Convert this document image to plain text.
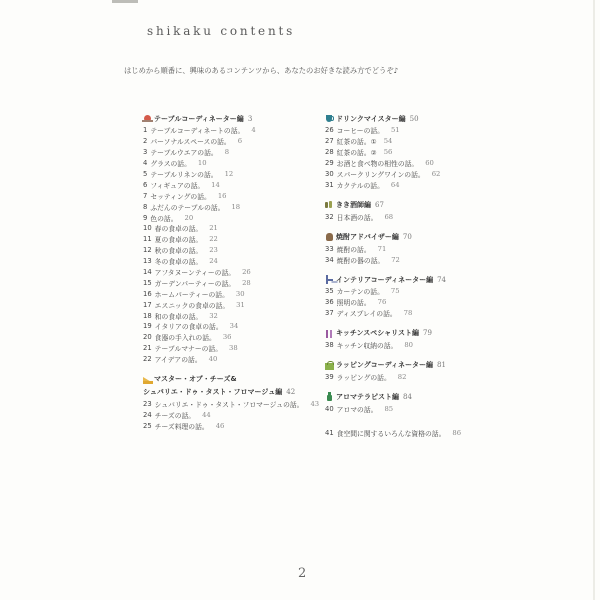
shikaku contents
はじめから順番に、興味のあるコンテンツから、あなたのお好きな読み方でどうぞ♪
テーブルコーディネーター編 3
1 テーブルコーディネートの話。 4
2 パーソナルスペースの話。 6
3 テーブルウエアの話。 8
4 グラスの話。 10
5 テーブルリネンの話。 12
6 フィギュアの話。 14
7 セッティングの話。 16
8 ふだんのテーブルの話。 18
9 色の話。 20
10 春の食卓の話。 21
11 夏の食卓の話。 22
12 秋の食卓の話。 23
13 冬の食卓の話。 24
14 アフタヌーンティーの話。 26
15 ガーデンパーティーの話。 28
16 ホームパーティーの話。 30
17 エスニックの食卓の話。 31
18 和の食卓の話。 32
19 イタリアの食卓の話。 34
20 食器の手入れの話。 36
21 テーブルマナーの話。 38
22 アイデアの話。 40
マスター・オブ・チーズ&
シュバリエ・ドゥ・タスト・フロマージュ編 42
23 シュバリエ・ドゥ・タスト・フロマージュの話。 43
24 チーズの話。 44
25 チーズ料理の話。 46
ドリンクマイスター編 50
26 コーヒーの話。 51
27 紅茶の話。① 54
28 紅茶の話。② 56
29 お酒と食べ物の相性の話。 60
30 スパークリングワインの話。 62
31 カクテルの話。 64
きき酒師編 67
32 日本酒の話。 68
焼酎アドバイザー編 70
33 焼酎の話。 71
34 焼酎の器の話。 72
インテリアコーディネーター編 74
35 カーテンの話。 75
36 照明の話。 76
37 ディスプレイの話。 78
キッチンスペシャリスト編 79
38 キッチン収納の話。 80
ラッピングコーディネーター編 81
39 ラッピングの話。 82
アロマテラピスト編 84
40 アロマの話。 85
41 食空間に関するいろんな資格の話。 86
2
